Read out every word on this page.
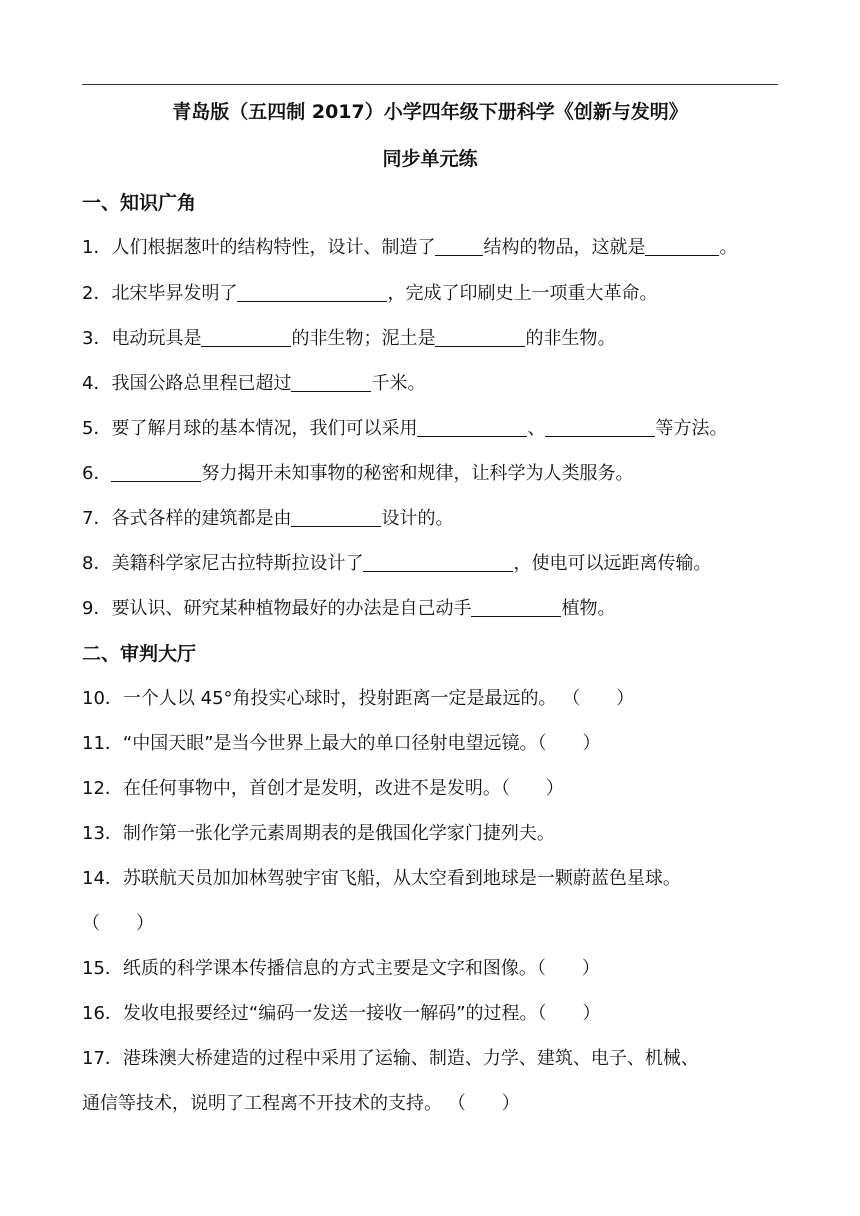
青岛版（五四制 2017）小学四年级下册科学《创新与发明》
同步单元练
一、知识广角
1．人们根据葱叶的结构特性，设计、制造了	结构的物品，这就是	。
2．北宋毕昇发明了	，完成了印刷史上一项重大革命。
3．电动玩具是	的非生物；泥土是	的非生物。
4．我国公路总里程已超过	千米。
5．要了解月球的基本情况，我们可以采用	、	等方法。
6．	努力揭开未知事物的秘密和规律，让科学为人类服务。
7．各式各样的建筑都是由	设计的。
8．美籍科学家尼古拉特斯拉设计了	，使电可以远距离传输。
9．要认识、研究某种植物最好的办法是自己动手	植物。
二、审判大厅
10．一个人以 45°角投实心球时，投射距离一定是最远的。 （　　）
11．“中国天眼”是当今世界上最大的单口径射电望远镜。（　　）
12．在任何事物中，首创才是发明，改进不是发明。（　　）
13．制作第一张化学元素周期表的是俄国化学家门捷列夫。
14．苏联航天员加加林驾驶宇宙飞船，从太空看到地球是一颗蔚蓝色星球。
（　　）
15．纸质的科学课本传播信息的方式主要是文字和图像。（　　）
16．发收电报要经过“编码一发送一接收一解码”的过程。（　　）
17．港珠澳大桥建造的过程中采用了运输、制造、力学、建筑、电子、机械、
通信等技术，说明了工程离不开技术的支持。 （　　）
